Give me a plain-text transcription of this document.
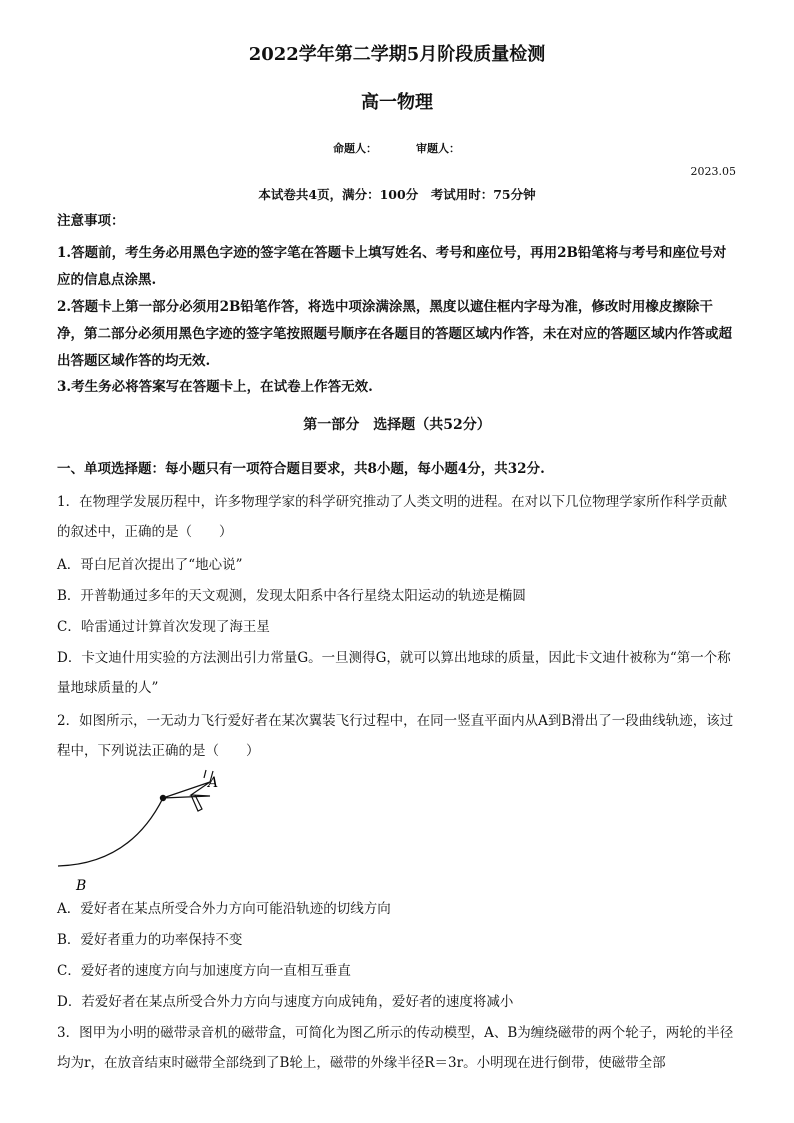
2022学年第二学期5月阶段质量检测
高一物理
命题人：	审题人：
2023.05
本试卷共4页，满分：100分　考试用时：75分钟
注意事项：
1.答题前，考生务必用黑色字迹的签字笔在答题卡上填写姓名、考号和座位号，再用2B铅笔将与考号和座位号对应的信息点涂黑.
2.答题卡上第一部分必须用2B铅笔作答，将选中项涂满涂黑，黑度以遮住框内字母为准，修改时用橡皮擦除干净，第二部分必须用黑色字迹的签字笔按照题号顺序在各题目的答题区域内作答，未在对应的答题区域内作答或超出答题区域作答的均无效.
3.考生务必将答案写在答题卡上，在试卷上作答无效.
第一部分　选择题（共52分）
一、单项选择题：每小题只有一项符合题目要求，共8小题，每小题4分，共32分.
1．在物理学发展历程中，许多物理学家的科学研究推动了人类文明的进程。在对以下几位物理学家所作科学贡献的叙述中，正确的是（　　）
A．哥白尼首次提出了“地心说”
B．开普勒通过多年的天文观测，发现太阳系中各行星绕太阳运动的轨迹是椭圆
C．哈雷通过计算首次发现了海王星
D．卡文迪什用实验的方法测出引力常量G。一旦测得G，就可以算出地球的质量，因此卡文迪什被称为“第一个称量地球质量的人”
2．如图所示，一无动力飞行爱好者在某次翼装飞行过程中，在同一竖直平面内从A到B滑出了一段曲线轨迹，该过程中，下列说法正确的是（　　）
A
B
A．爱好者在某点所受合外力方向可能沿轨迹的切线方向
B．爱好者重力的功率保持不变
C．爱好者的速度方向与加速度方向一直相互垂直
D．若爱好者在某点所受合外力方向与速度方向成钝角，爱好者的速度将减小
3．图甲为小明的磁带录音机的磁带盒，可简化为图乙所示的传动模型，A、B为缠绕磁带的两个轮子，两轮的半径均为r，在放音结束时磁带全部绕到了B轮上，磁带的外缘半径R＝3r。小明现在进行倒带，使磁带全部
